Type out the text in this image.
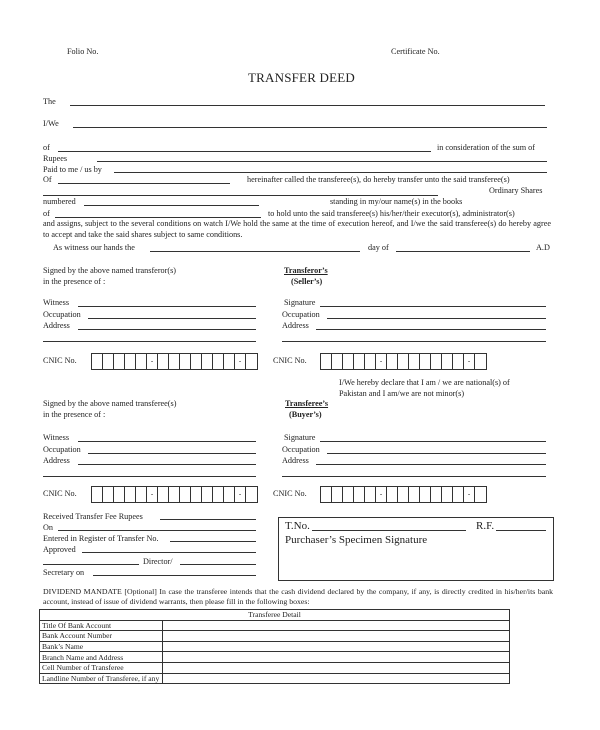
Folio No.	Certificate No.
TRANSFER DEED
The
I/We
of	in consideration of the sum of
Rupees
Paid to me / us by
Of	hereinafter called the transferee(s), do hereby transfer unto the said transferee(s)
Ordinary Shares
numbered	standing in my/our name(s) in the books
of	to hold unto the said transferee(s) his/her/their executor(s), administrator(s)
and assigns, subject to the several conditions on watch I/We hold the same at the time of execution hereof, and I/we the said transferee(s) do hereby agree to accept and take the said shares subject to same conditions.
As witness our hands the	day of	A.D
Signed by the above named transferor(s)
in the presence of :
Transferor’s
(Seller’s)
Witness
Occupation
Address
Signature
Occupation
Address
CNIC No.	-	-	CNIC No.	-	-
I/We hereby declare that I am / we are national(s) of
Pakistan and I am/we are not minor(s)
Signed by the above named transferee(s)
in the presence of :
Transferee’s
(Buyer’s)
Witness
Occupation
Address
Signature
Occupation
Address
CNIC No.	-	-	CNIC No.	-	-
Received Transfer Fee Rupees
On
Entered in Register of Transfer No.
Approved
Director/
Secretary on
T.No.	R.F.
Purchaser’s Specimen Signature
DIVIDEND MANDATE [Optional] In case the transferee intends that the cash dividend declared by the company, if any, is directly credited in his/her/its bank account, instead of issue of dividend warrants, then please fill in the following boxes:
Transferee Detail	
Title Of Bank Account	
Bank Account Number	
Bank’s Name	
Branch Name and Address	
Cell Number of Transferee	
Landline Number of Transferee, if any	
